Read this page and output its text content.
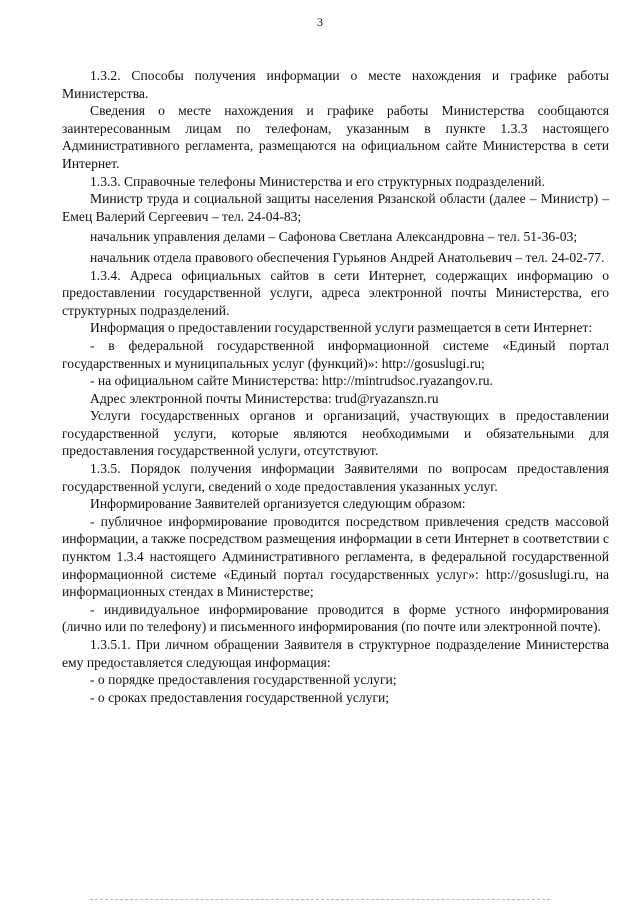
3

1.3.2. Способы получения информации о месте нахождения и графике работы Министерства.

Сведения о месте нахождения и графике работы Министерства сообщаются заинтересованным лицам по телефонам, указанным в пункте 1.3.3 настоящего Административного регламента, размещаются на официальном сайте Министерства в сети Интернет.

1.3.3. Справочные телефоны Министерства и его структурных подразделений.

Министр труда и социальной защиты населения Рязанской области (далее – Министр) – Емец Валерий Сергеевич – тел. 24-04-83;

начальник управления делами – Сафонова Светлана Александровна – тел. 51-36-03;

начальник отдела правового обеспечения Гурьянов Андрей Анатольевич – тел. 24-02-77.

1.3.4. Адреса официальных сайтов в сети Интернет, содержащих информацию о предоставлении государственной услуги, адреса электронной почты Министерства, его структурных подразделений.

Информация о предоставлении государственной услуги размещается в сети Интернет:

- в федеральной государственной информационной системе «Единый портал государственных и муниципальных услуг (функций)»: http://gosuslugi.ru;

- на официальном сайте Министерства: http://mintrudsoc.ryazangov.ru.

Адрес электронной почты Министерства: trud@ryazanszn.ru

Услуги государственных органов и организаций, участвующих в предоставлении государственной услуги, которые являются необходимыми и обязательными для предоставления государственной услуги, отсутствуют.

1.3.5. Порядок получения информации Заявителями по вопросам предоставления государственной услуги, сведений о ходе предоставления указанных услуг.

Информирование Заявителей организуется следующим образом:

- публичное информирование проводится посредством привлечения средств массовой информации, а также посредством размещения информации в сети Интернет в соответствии с пунктом 1.3.4 настоящего Административного регламента, в федеральной государственной информационной системе «Единый портал государственных услуг»: http://gosuslugi.ru, на информационных стендах в Министерстве;

- индивидуальное информирование проводится в форме устного информирования (лично или по телефону) и письменного информирования (по почте или электронной почте).

1.3.5.1. При личном обращении Заявителя в структурное подразделение Министерства ему предоставляется следующая информация:

- о порядке предоставления государственной услуги;

- о сроках предоставления государственной услуги;
